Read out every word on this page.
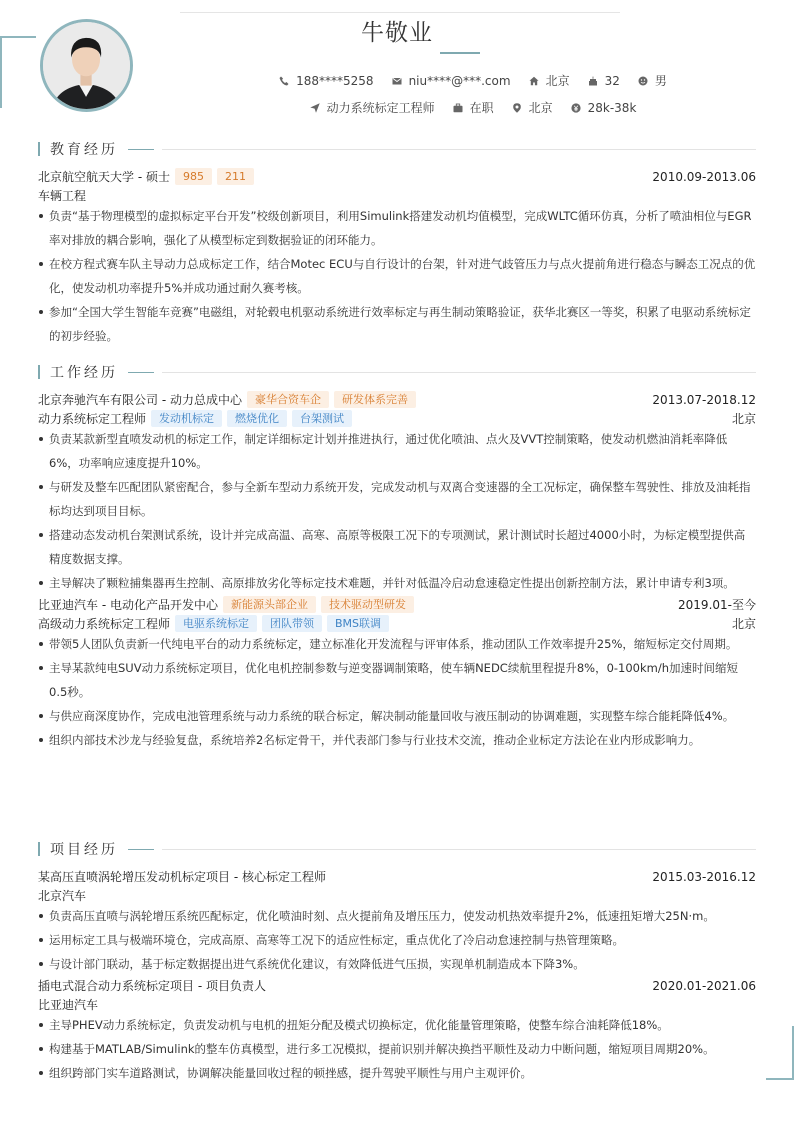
牛敬业
188****5258	niu****@***.com	北京	32	男
动力系统标定工程师	在职	北京	28k-38k
教育经历
北京航空航天大学 - 硕士	985	211	2010.09-2013.06
车辆工程
负责“基于物理模型的虚拟标定平台开发”校级创新项目，利用Simulink搭建发动机均值模型，完成WLTC循环仿真，分析了喷油相位与EGR率对排放的耦合影响，强化了从模型标定到数据验证的闭环能力。
在校方程式赛车队主导动力总成标定工作，结合Motec ECU与自行设计的台架，针对进气歧管压力与点火提前角进行稳态与瞬态工况点的优化，使发动机功率提升5%并成功通过耐久赛考核。
参加“全国大学生智能车竞赛”电磁组，对轮毂电机驱动系统进行效率标定与再生制动策略验证，获华北赛区一等奖，积累了电驱动系统标定的初步经验。
工作经历
北京奔驰汽车有限公司 - 动力总成中心	豪华合资车企	研发体系完善	2013.07-2018.12
动力系统标定工程师	发动机标定	燃烧优化	台架测试	北京
负责某款新型直喷发动机的标定工作，制定详细标定计划并推进执行，通过优化喷油、点火及VVT控制策略，使发动机燃油消耗率降低6%，功率响应速度提升10%。
与研发及整车匹配团队紧密配合，参与全新车型动力系统开发，完成发动机与双离合变速器的全工况标定，确保整车驾驶性、排放及油耗指标均达到项目目标。
搭建动态发动机台架测试系统，设计并完成高温、高寒、高原等极限工况下的专项测试，累计测试时长超过4000小时，为标定模型提供高精度数据支撑。
主导解决了颗粒捕集器再生控制、高原排放劣化等标定技术难题，并针对低温冷启动怠速稳定性提出创新控制方法，累计申请专利3项。
比亚迪汽车 - 电动化产品开发中心	新能源头部企业	技术驱动型研发	2019.01-至今
高级动力系统标定工程师	电驱系统标定	团队带领	BMS联调	北京
带领5人团队负责新一代纯电平台的动力系统标定，建立标准化开发流程与评审体系，推动团队工作效率提升25%，缩短标定交付周期。
主导某款纯电SUV动力系统标定项目，优化电机控制参数与逆变器调制策略，使车辆NEDC续航里程提升8%，0-100km/h加速时间缩短0.5秒。
与供应商深度协作，完成电池管理系统与动力系统的联合标定，解决制动能量回收与液压制动的协调难题，实现整车综合能耗降低4%。
组织内部技术沙龙与经验复盘，系统培养2名标定骨干，并代表部门参与行业技术交流，推动企业标定方法论在业内形成影响力。
项目经历
某高压直喷涡轮增压发动机标定项目 - 核心标定工程师	2015.03-2016.12
北京汽车
负责高压直喷与涡轮增压系统匹配标定，优化喷油时刻、点火提前角及增压压力，使发动机热效率提升2%，低速扭矩增大25N·m。
运用标定工具与极端环境仓，完成高原、高寒等工况下的适应性标定，重点优化了冷启动怠速控制与热管理策略。
与设计部门联动，基于标定数据提出进气系统优化建议，有效降低进气压损，实现单机制造成本下降3%。
插电式混合动力系统标定项目 - 项目负责人	2020.01-2021.06
比亚迪汽车
主导PHEV动力系统标定，负责发动机与电机的扭矩分配及模式切换标定，优化能量管理策略，使整车综合油耗降低18%。
构建基于MATLAB/Simulink的整车仿真模型，进行多工况模拟，提前识别并解决换挡平顺性及动力中断问题，缩短项目周期20%。
组织跨部门实车道路测试，协调解决能量回收过程的顿挫感，提升驾驶平顺性与用户主观评价。
